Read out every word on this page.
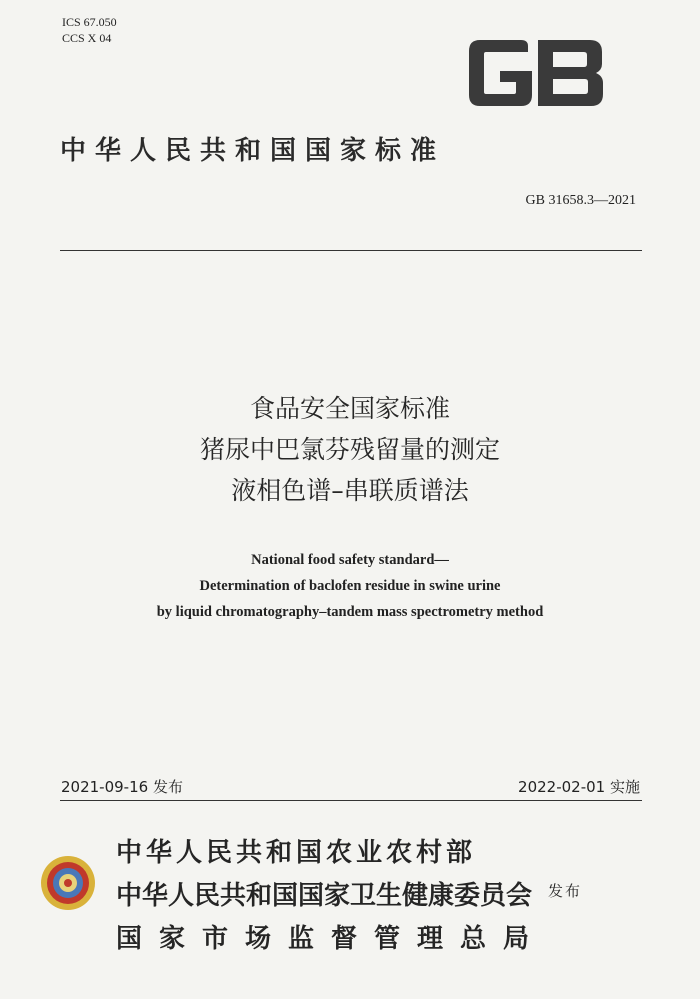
ICS 67.050
CCS X 04
中华人民共和国国家标准
GB 31658.3—2021
食品安全国家标准
猪尿中巴氯芬残留量的测定
液相色谱–串联质谱法
National food safety standard—
Determination of baclofen residue in swine urine
by liquid chromatography–tandem mass spectrometry method
2021-09-16 发布	2022-02-01 实施
中华人民共和国农业农村部
中华人民共和国国家卫生健康委员会
国家市场监督管理总局
发布
